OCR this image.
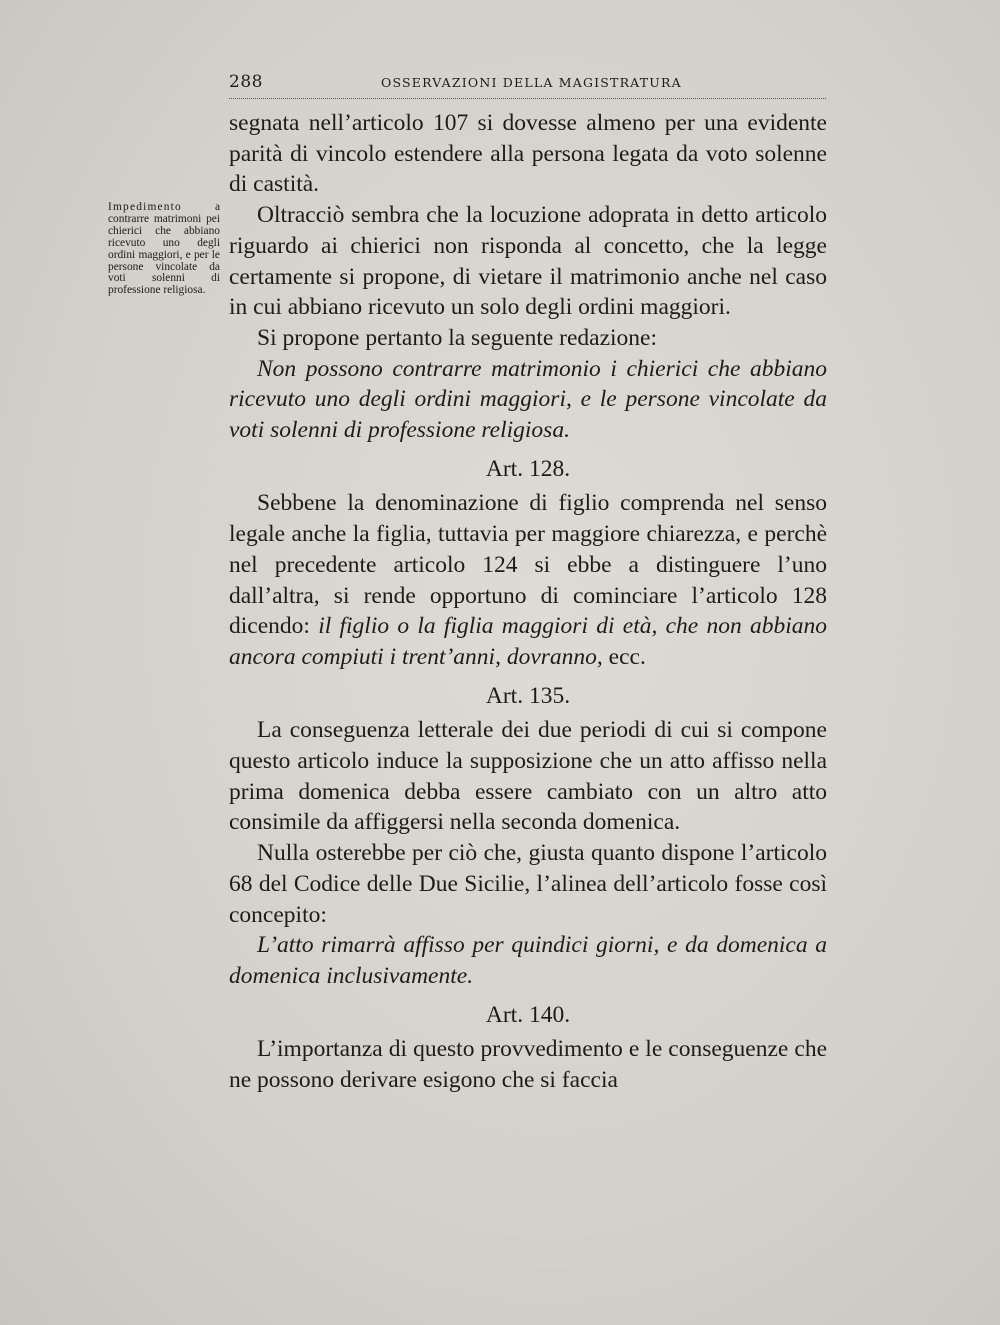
288	OSSERVAZIONI DELLA MAGISTRATURA
Impedimento	a contrarre matrimoni pei chierici che abbiano ricevuto uno degli ordini maggiori, e per le persone vincolate da voti solenni di professione religiosa.

segnata nell’articolo 107 si dovesse almeno per una evidente parità di vincolo estendere alla persona legata da voto solenne di castità.

Oltracciò sembra che la locuzione adoprata in detto articolo riguardo ai chierici non risponda al concetto, che la legge certamente si propone, di vietare il matrimonio anche nel caso in cui abbiano ricevuto un solo degli ordini maggiori.

Si propone pertanto la seguente redazione:

Non possono contrarre matrimonio i chierici che abbiano ricevuto uno degli ordini maggiori, e le persone vincolate da voti solenni di professione religiosa.

Art. 128.

Sebbene la denominazione di figlio comprenda nel senso legale anche la figlia, tuttavia per maggiore chiarezza, e perchè nel precedente articolo 124 si ebbe a distinguere l’uno dall’altra, si rende opportuno di cominciare l’articolo 128 dicendo: il figlio o la figlia maggiori di età, che non abbiano ancora compiuti i trent’anni, dovranno, ecc.

Art. 135.

La conseguenza letterale dei due periodi di cui si compone questo articolo induce la supposizione che un atto affisso nella prima domenica debba essere cambiato con un altro atto consimile da affiggersi nella seconda domenica.

Nulla osterebbe per ciò che, giusta quanto dispone l’articolo 68 del Codice delle Due Sicilie, l’alinea dell’articolo fosse così concepito:

L’atto rimarrà affisso per quindici giorni, e da domenica a domenica inclusivamente.

Art. 140.

L’importanza di questo provvedimento e le conseguenze che ne possono derivare esigono che si faccia
